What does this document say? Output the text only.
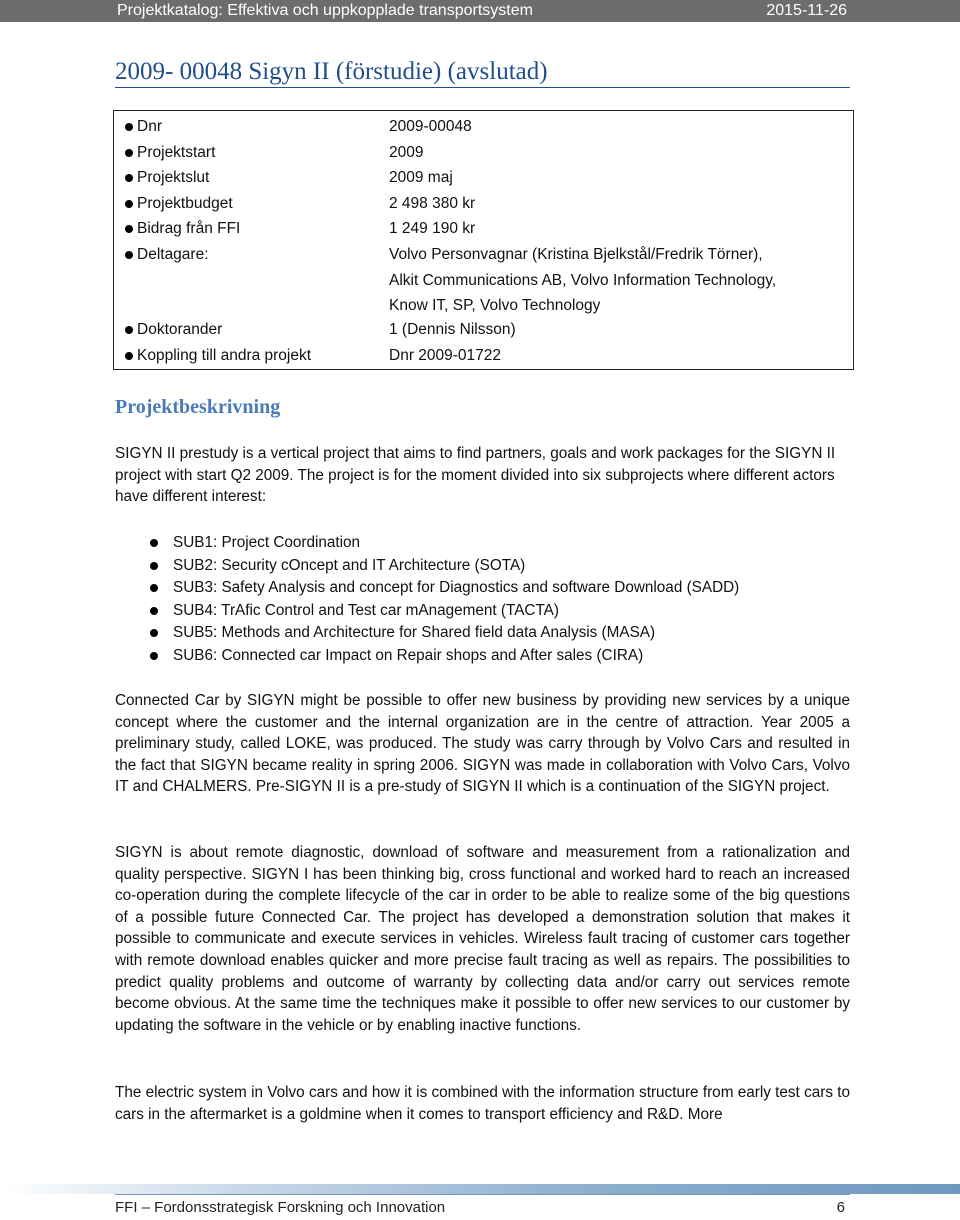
Projektkatalog: Effektiva och uppkopplade transportsystem	2015-11-26
2009- 00048 Sigyn II (förstudie) (avslutad)
Dnr	2009-00048
Projektstart	2009
Projektslut	2009 maj
Projektbudget	2 498 380 kr
Bidrag från FFI	1 249 190 kr
Deltagare:	Volvo Personvagnar (Kristina Bjelkstål/Fredrik Törner),
Alkit Communications AB, Volvo Information Technology,
Know IT, SP, Volvo Technology
Doktorander	1 (Dennis Nilsson)
Koppling till andra projekt	Dnr 2009-01722
Projektbeskrivning

SIGYN II prestudy is a vertical project that aims to find partners, goals and work packages for the SIGYN II project with start Q2 2009. The project is for the moment divided into six subprojects where different actors have different interest:

SUB1: Project Coordination
SUB2: Security cOncept and IT Architecture (SOTA)
SUB3: Safety Analysis and concept for Diagnostics and software Download (SADD)
SUB4: TrAfic Control and Test car mAnagement (TACTA)
SUB5: Methods and Architecture for Shared field data Analysis (MASA)
SUB6: Connected car Impact on Repair shops and After sales (CIRA)

Connected Car by SIGYN might be possible to offer new business by providing new services by a unique concept where the customer and the internal organization are in the centre of attraction. Year 2005 a preliminary study, called LOKE, was produced. The study was carry through by Volvo Cars and resulted in the fact that SIGYN became reality in spring 2006. SIGYN was made in collaboration with Volvo Cars, Volvo IT and CHALMERS. Pre-SIGYN II is a pre-study of SIGYN II which is a continuation of the SIGYN project.

SIGYN is about remote diagnostic, download of software and measurement from a rationalization and quality perspective. SIGYN I has been thinking big, cross functional and worked hard to reach an increased co-operation during the complete lifecycle of the car in order to be able to realize some of the big questions of a possible future Connected Car. The project has developed a demonstration solution that makes it possible to communicate and execute services in vehicles. Wireless fault tracing of customer cars together with remote download enables quicker and more precise fault tracing as well as repairs. The possibilities to predict quality problems and outcome of warranty by collecting data and/or carry out services remote become obvious. At the same time the techniques make it possible to offer new services to our customer by updating the software in the vehicle or by enabling inactive functions.

The electric system in Volvo cars and how it is combined with the information structure from early test cars to cars in the aftermarket is a goldmine when it comes to transport efficiency and R&D. More

FFI – Fordonsstrategisk Forskning och Innovation	6
